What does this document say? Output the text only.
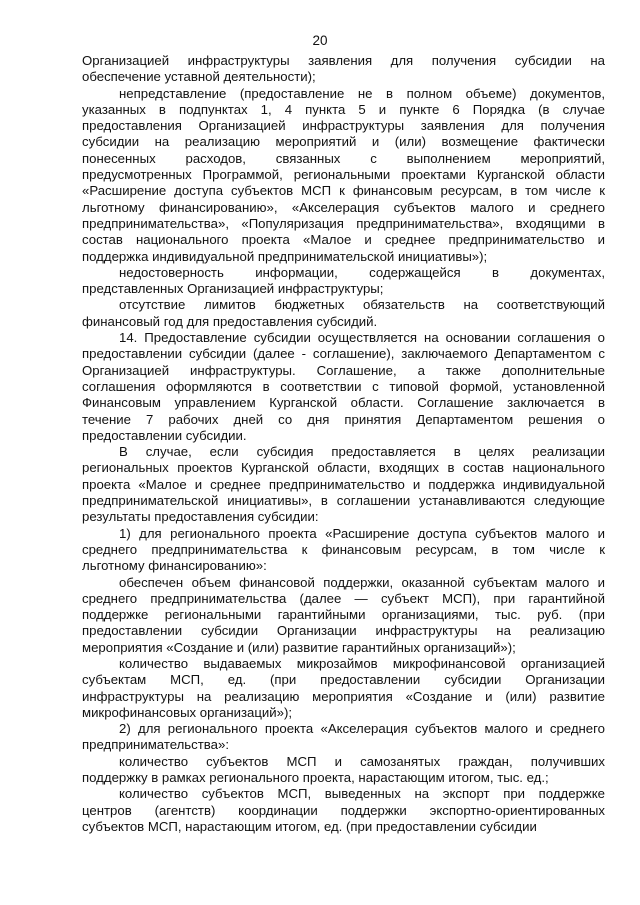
20

Организацией инфраструктуры заявления для получения субсидии на
обеспечение уставной деятельности);

непредставление (предоставление не в полном объеме) документов,
указанных в подпунктах 1, 4 пункта 5 и пункте 6 Порядка (в случае
предоставления Организацией инфраструктуры заявления для получения
субсидии на реализацию мероприятий и (или) возмещение фактически
понесенных расходов, связанных с выполнением мероприятий,
предусмотренных Программой, региональными проектами Курганской области
«Расширение доступа субъектов МСП к финансовым ресурсам, в том числе к
льготному финансированию», «Акселерация субъектов малого и среднего
предпринимательства», «Популяризация предпринимательства», входящими в
состав национального проекта «Малое и среднее предпринимательство и
поддержка индивидуальной предпринимательской инициативы»);

недостоверность информации, содержащейся в документах,
представленных Организацией инфраструктуры;

отсутствие лимитов бюджетных обязательств на соответствующий
финансовый год для предоставления субсидий.

14. Предоставление субсидии осуществляется на основании соглашения о
предоставлении субсидии (далее - соглашение), заключаемого Департаментом с
Организацией инфраструктуры. Соглашение, а также дополнительные
соглашения оформляются в соответствии с типовой формой, установленной
Финансовым управлением Курганской области. Соглашение заключается в
течение 7 рабочих дней со дня принятия Департаментом решения о
предоставлении субсидии.

В случае, если субсидия предоставляется в целях реализации
региональных проектов Курганской области, входящих в состав национального
проекта «Малое и среднее предпринимательство и поддержка индивидуальной
предпринимательской инициативы», в соглашении устанавливаются следующие
результаты предоставления субсидии:

1) для регионального проекта «Расширение доступа субъектов малого и
среднего предпринимательства к финансовым ресурсам, в том числе к
льготному финансированию»:

обеспечен объем финансовой поддержки, оказанной субъектам малого и
среднего предпринимательства (далее — субъект МСП), при гарантийной
поддержке региональными гарантийными организациями, тыс. руб. (при
предоставлении субсидии Организации инфраструктуры на реализацию
мероприятия «Создание и (или) развитие гарантийных организаций»);

количество выдаваемых микрозаймов микрофинансовой организацией
субъектам МСП, ед. (при предоставлении субсидии Организации
инфраструктуры на реализацию мероприятия «Создание и (или) развитие
микрофинансовых организаций»);

2) для регионального проекта «Акселерация субъектов малого и среднего
предпринимательства»:

количество субъектов МСП и самозанятых граждан, получивших
поддержку в рамках регионального проекта, нарастающим итогом, тыс. ед.;

количество субъектов МСП, выведенных на экспорт при поддержке
центров (агентств) координации поддержки экспортно-ориентированных
субъектов МСП, нарастающим итогом, ед. (при предоставлении субсидии
